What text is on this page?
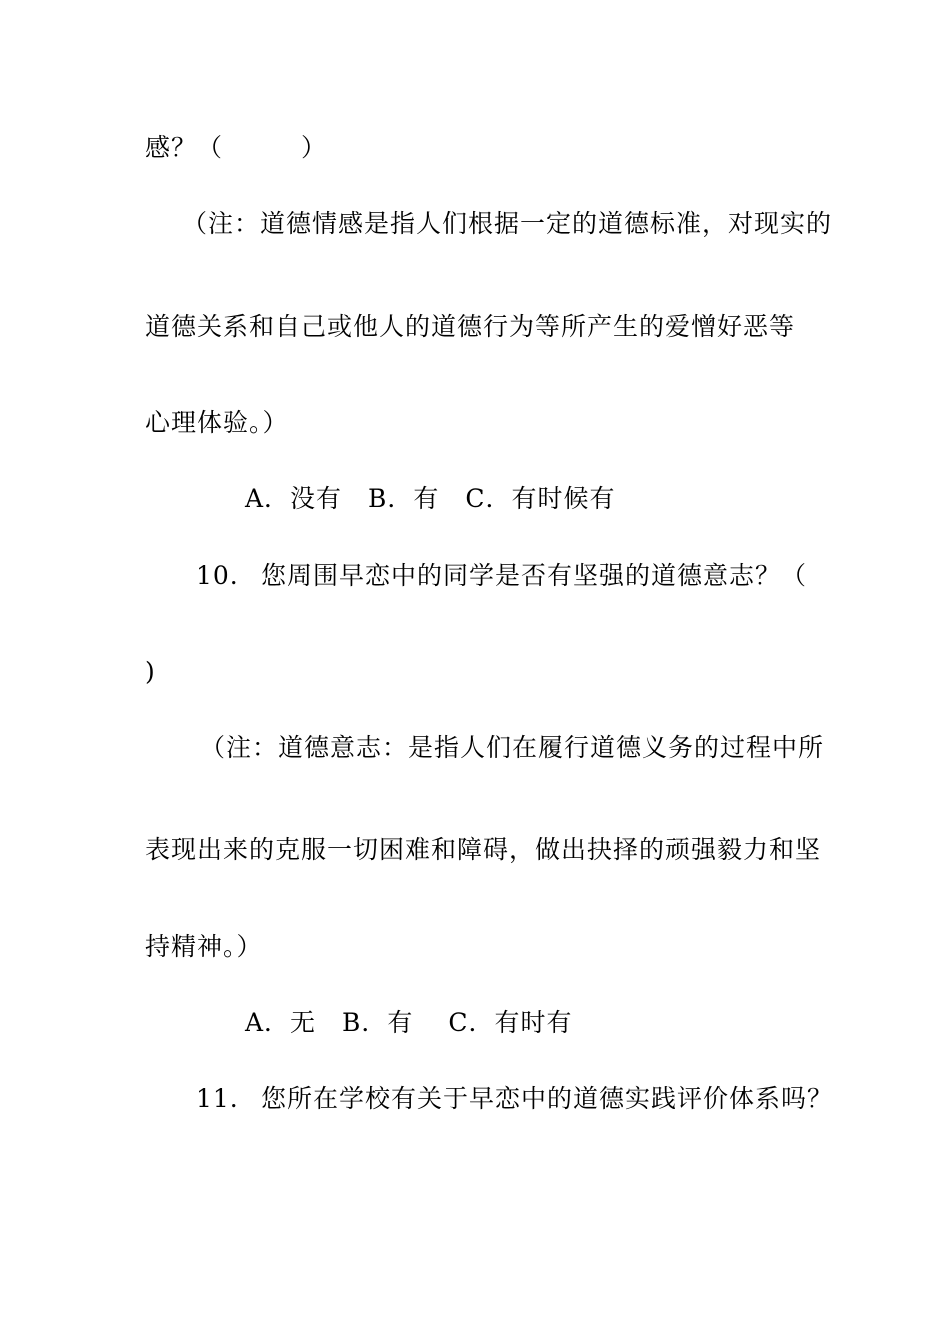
感？（　　　）
（注：道德情感是指人们根据一定的道德标准，对现实的
道德关系和自己或他人的道德行为等所产生的爱憎好恶等
心理体验。）
A．没有　B．有　C．有时候有
10. 您周围早恋中的同学是否有坚强的道德意志？（
)
（注：道德意志：是指人们在履行道德义务的过程中所
表现出来的克服一切困难和障碍，做出抉择的顽强毅力和坚
持精神。）
A．无　B．有　 C．有时有
11. 您所在学校有关于早恋中的道德实践评价体系吗？
